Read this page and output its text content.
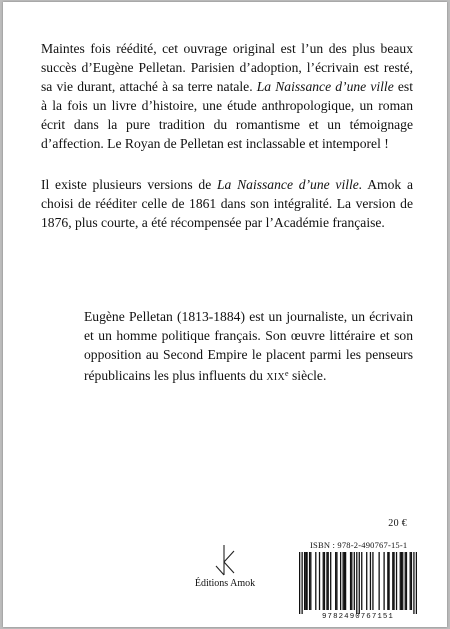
Maintes fois réédité, cet ouvrage original est l’un des plus beaux succès d’Eugène Pelletan. Parisien d’adoption, l’écrivain est resté, sa vie durant, attaché à sa terre natale. La Naissance d’une ville est à la fois un livre d’histoire, une étude anthropologique, un roman écrit dans la pure tradition du romantisme et un témoignage d’affection. Le Royan de Pelletan est inclassable et intemporel !

Il existe plusieurs versions de La Naissance d’une ville. Amok a choisi de rééditer celle de 1861 dans son intégralité. La version de 1876, plus courte, a été récompensée par l’Académie française.

Eugène Pelletan (1813-1884) est un journaliste, un écrivain et un homme politique français. Son œuvre littéraire et son opposition au Second Empire le placent parmi les penseurs républicains les plus influents du XIXe siècle.

20 €
Éditions Amok
ISBN : 978-2-490767-15-1
9782490767151
